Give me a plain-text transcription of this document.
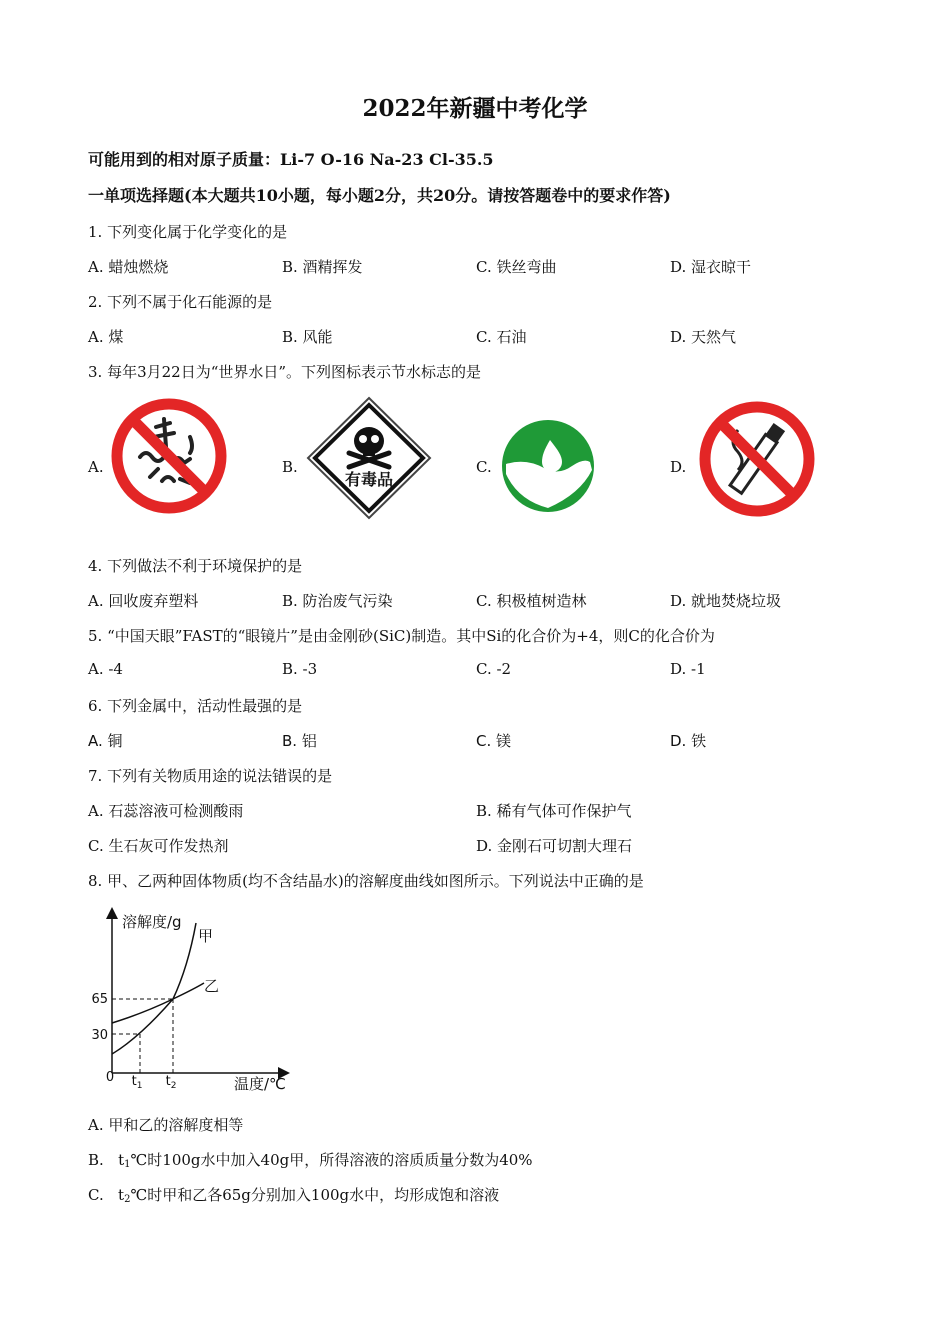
2022年新疆中考化学
可能用到的相对原子质量：Li-7 O-16 Na-23 Cl-35.5
一单项选择题(本大题共10小题，每小题2分，共20分。请按答题卷中的要求作答)
1. 下列变化属于化学变化的是
A. 蜡烛燃烧	B. 酒精挥发	C. 铁丝弯曲	D. 湿衣晾干
2. 下列不属于化石能源的是
A. 煤	B. 风能	C. 石油	D. 天然气
3. 每年3月22日为“世界水日”。下列图标表示节水标志的是
A.	B.	C.	D.
有毒品
4. 下列做法不利于环境保护的是
A. 回收废弃塑料	B. 防治废气污染	C. 积极植树造林	D. 就地焚烧垃圾
5. “中国天眼”FAST的“眼镜片”是由金刚砂(SiC)制造。其中Si的化合价为+4，则C的化合价为
A. -4	B. -3	C. -2	D. -1
6. 下列金属中，活动性最强的是
A. 铜	B. 铝	C. 镁	D. 铁
7. 下列有关物质用途的说法错误的是
A. 石蕊溶液可检测酸雨	B. 稀有气体可作保护气
C. 生石灰可作发热剂	D. 金刚石可切割大理石
8. 甲、乙两种固体物质(均不含结晶水)的溶解度曲线如图所示。下列说法中正确的是
溶解度/g
温度/℃
0
65
30
甲
乙
$t_1$ $t_2$
A. 甲和乙的溶解度相等
B. $t_1℃$时100g水中加入40g甲，所得溶液的溶质质量分数为40%
C. $t_2℃$时甲和乙各65g分别加入100g水中，均形成饱和溶液
